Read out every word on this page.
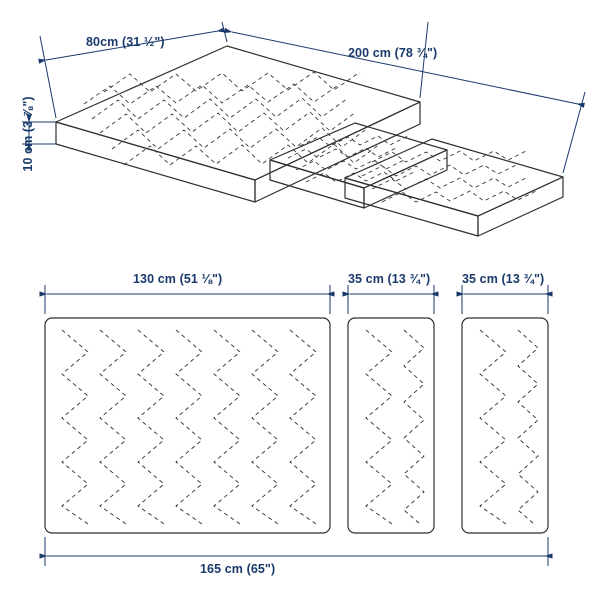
80cm (31 ½")
200 cm (78 ¾")
10 cm (3 ⅞")
130 cm (51 ⅛")	35 cm (13 ¾")	35 cm (13 ¾")
165 cm (65")
